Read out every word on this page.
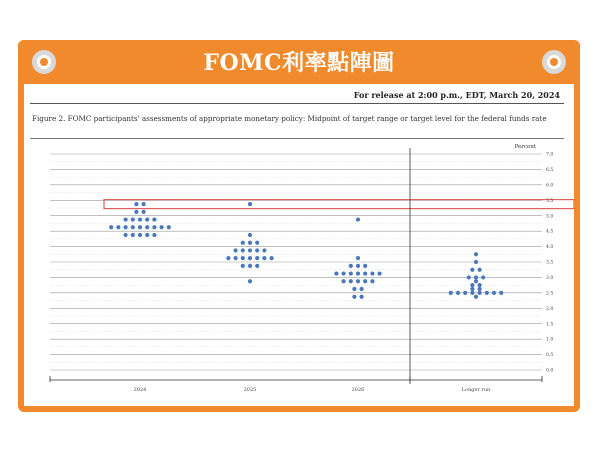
FOMC利率點陣圖
For release at 2:00 p.m., EDT, March 20, 2024
Figure 2. FOMC participants' assessments of appropriate monetary policy: Midpoint of target range or target level for the federal funds rate
Percent
7.0
6.5
6.0
5.5
5.0
4.5
4.0
3.5
3.0
2.5
2.0
1.5
1.0
0.5
0.0
2024	2025	2026	Longer run
